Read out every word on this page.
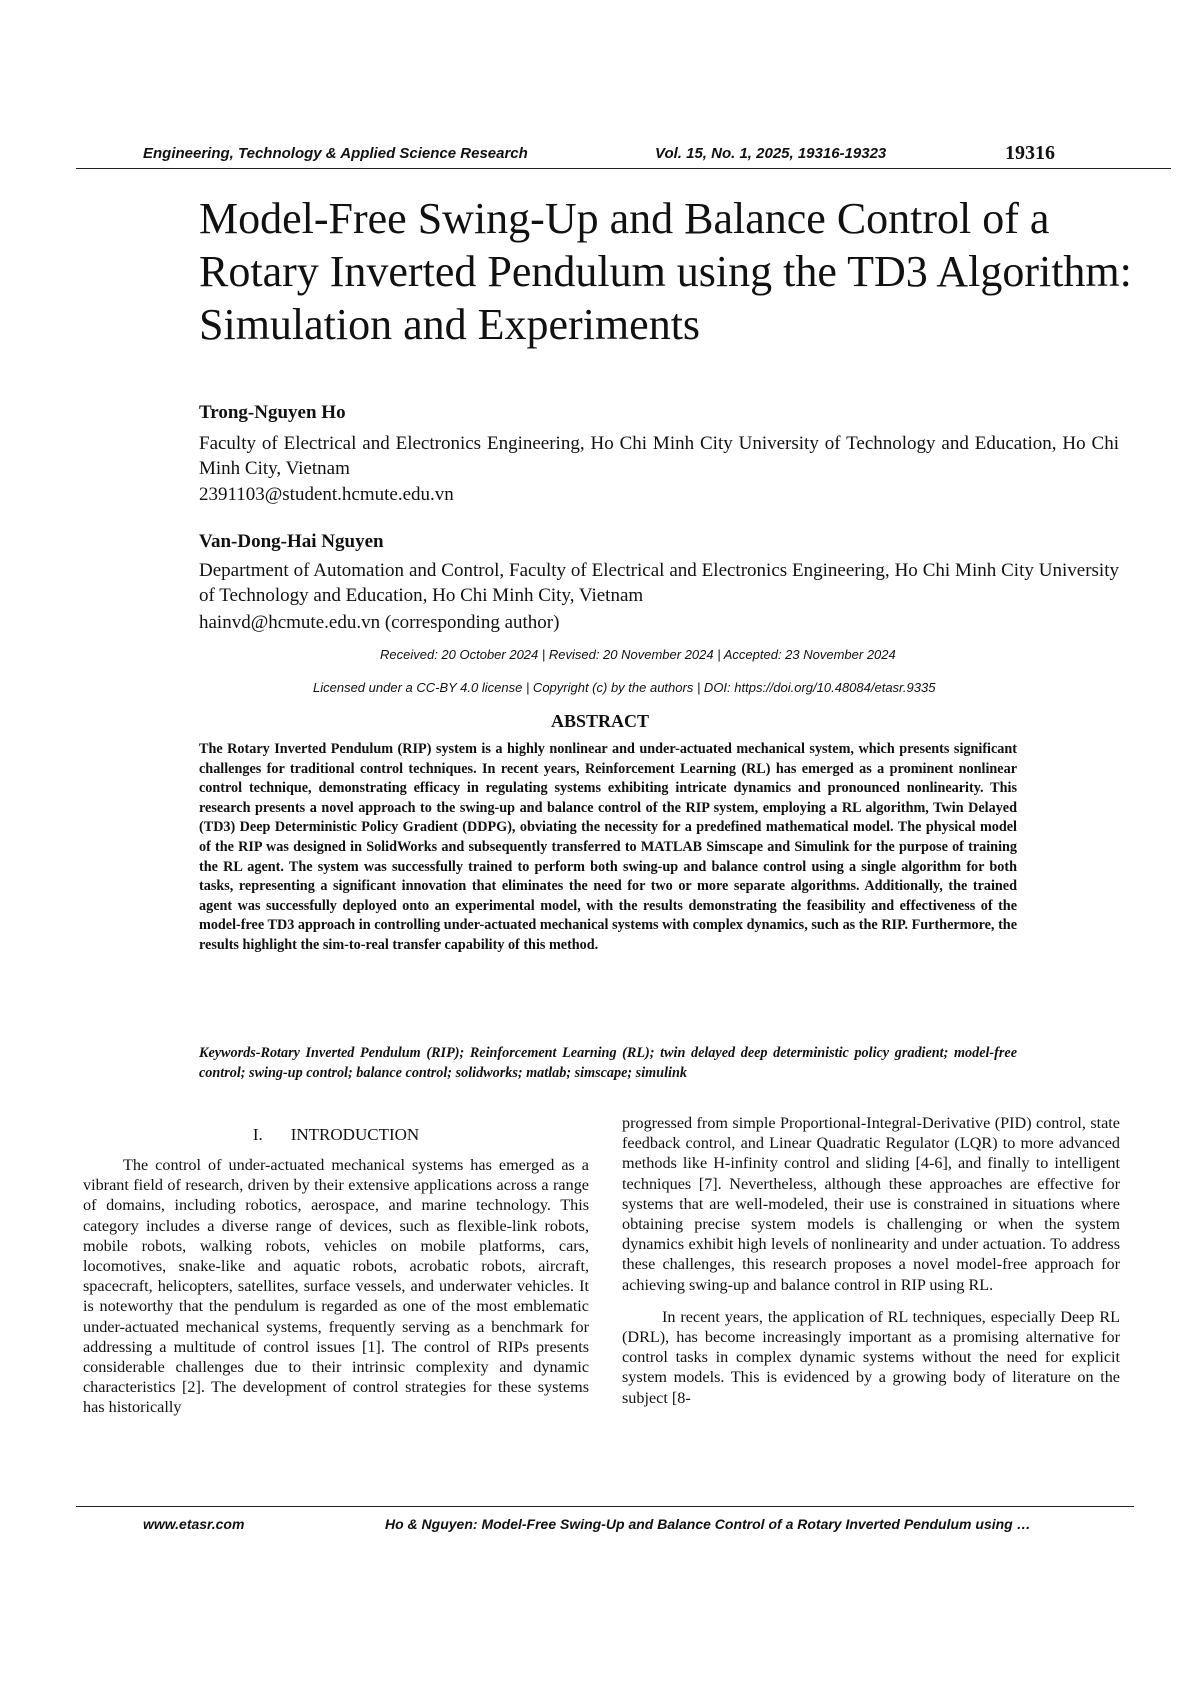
Engineering, Technology & Applied Science Research	Vol. 15, No. 1, 2025, 19316-19323	19316
Model-Free Swing-Up and Balance Control of a Rotary Inverted Pendulum using the TD3 Algorithm: Simulation and Experiments
Trong-Nguyen Ho
Faculty of Electrical and Electronics Engineering, Ho Chi Minh City University of Technology and Education, Ho Chi Minh City, Vietnam
2391103@student.hcmute.edu.vn
Van-Dong-Hai Nguyen
Department of Automation and Control, Faculty of Electrical and Electronics Engineering, Ho Chi Minh City University of Technology and Education, Ho Chi Minh City, Vietnam
hainvd@hcmute.edu.vn (corresponding author)
Received: 20 October 2024 | Revised: 20 November 2024 | Accepted: 23 November 2024
Licensed under a CC-BY 4.0 license | Copyright (c) by the authors | DOI: https://doi.org/10.48084/etasr.9335
ABSTRACT
The Rotary Inverted Pendulum (RIP) system is a highly nonlinear and under-actuated mechanical system, which presents significant challenges for traditional control techniques. In recent years, Reinforcement Learning (RL) has emerged as a prominent nonlinear control technique, demonstrating efficacy in regulating systems exhibiting intricate dynamics and pronounced nonlinearity. This research presents a novel approach to the swing-up and balance control of the RIP system, employing a RL algorithm, Twin Delayed (TD3) Deep Deterministic Policy Gradient (DDPG), obviating the necessity for a predefined mathematical model. The physical model of the RIP was designed in SolidWorks and subsequently transferred to MATLAB Simscape and Simulink for the purpose of training the RL agent. The system was successfully trained to perform both swing-up and balance control using a single algorithm for both tasks, representing a significant innovation that eliminates the need for two or more separate algorithms. Additionally, the trained agent was successfully deployed onto an experimental model, with the results demonstrating the feasibility and effectiveness of the model-free TD3 approach in controlling under-actuated mechanical systems with complex dynamics, such as the RIP. Furthermore, the results highlight the sim-to-real transfer capability of this method.
Keywords-Rotary Inverted Pendulum (RIP); Reinforcement Learning (RL); twin delayed deep deterministic policy gradient; model-free control; swing-up control; balance control; solidworks; matlab; simscape; simulink
I. INTRODUCTION
The control of under-actuated mechanical systems has emerged as a vibrant field of research, driven by their extensive applications across a range of domains, including robotics, aerospace, and marine technology. This category includes a diverse range of devices, such as flexible-link robots, mobile robots, walking robots, vehicles on mobile platforms, cars, locomotives, snake-like and aquatic robots, acrobatic robots, aircraft, spacecraft, helicopters, satellites, surface vessels, and underwater vehicles. It is noteworthy that the pendulum is regarded as one of the most emblematic under-actuated mechanical systems, frequently serving as a benchmark for addressing a multitude of control issues [1]. The control of RIPs presents considerable challenges due to their intrinsic complexity and dynamic characteristics [2]. The development of control strategies for these systems has historically
progressed from simple Proportional-Integral-Derivative (PID) control, state feedback control, and Linear Quadratic Regulator (LQR) to more advanced methods like H-infinity control and sliding [4-6], and finally to intelligent techniques [7]. Nevertheless, although these approaches are effective for systems that are well-modeled, their use is constrained in situations where obtaining precise system models is challenging or when the system dynamics exhibit high levels of nonlinearity and under actuation. To address these challenges, this research proposes a novel model-free approach for achieving swing-up and balance control in RIP using RL.
In recent years, the application of RL techniques, especially Deep RL (DRL), has become increasingly important as a promising alternative for control tasks in complex dynamic systems without the need for explicit system models. This is evidenced by a growing body of literature on the subject [8-
www.etasr.com	Ho & Nguyen: Model-Free Swing-Up and Balance Control of a Rotary Inverted Pendulum using …
